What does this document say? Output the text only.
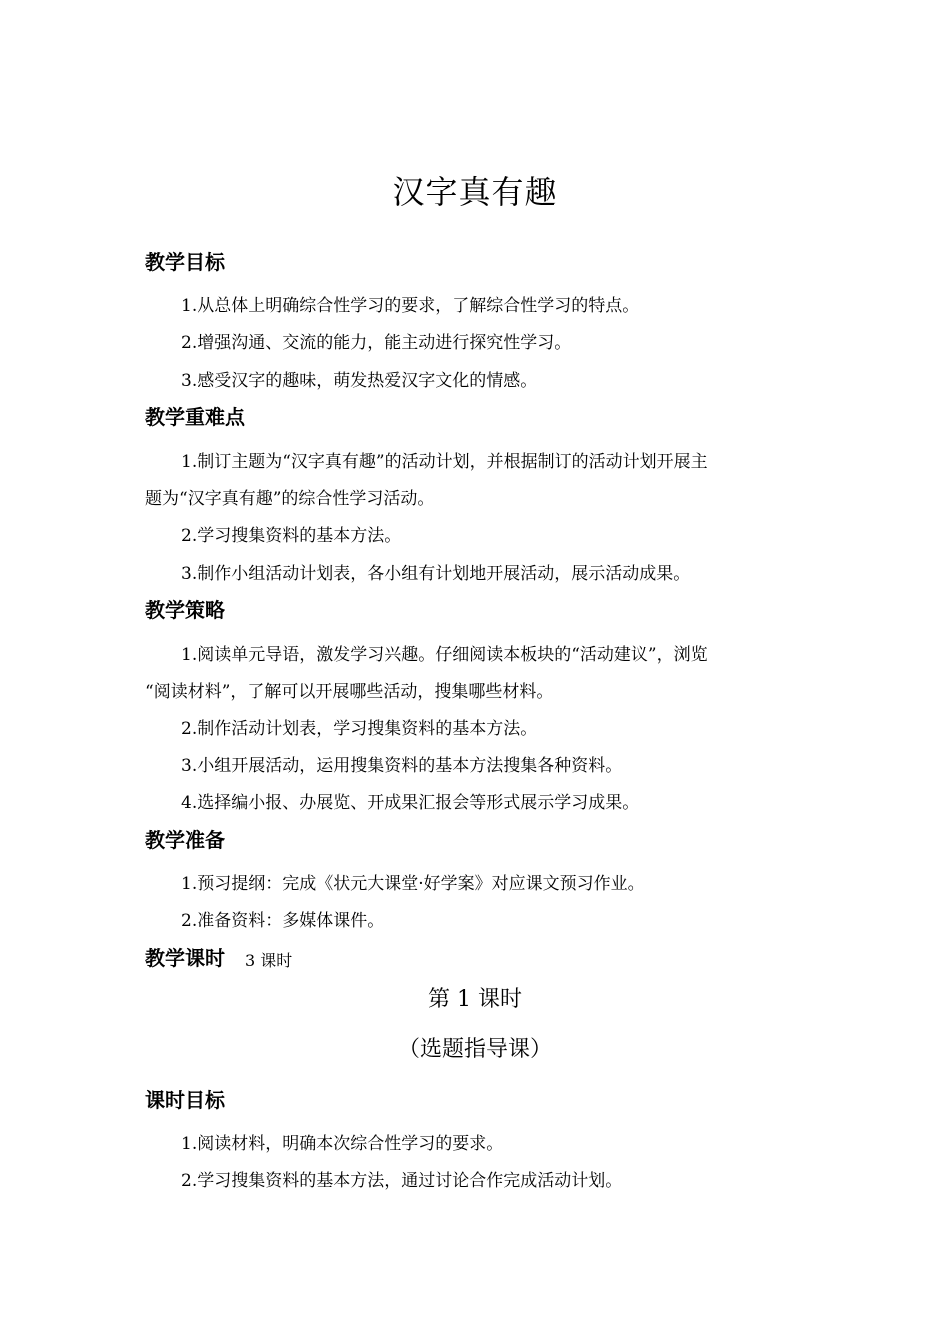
汉字真有趣
教学目标
1.从总体上明确综合性学习的要求，了解综合性学习的特点。
2.增强沟通、交流的能力，能主动进行探究性学习。
3.感受汉字的趣味，萌发热爱汉字文化的情感。
教学重难点
1.制订主题为“汉字真有趣”的活动计划，并根据制订的活动计划开展主
题为“汉字真有趣”的综合性学习活动。
2.学习搜集资料的基本方法。
3.制作小组活动计划表，各小组有计划地开展活动，展示活动成果。
教学策略
1.阅读单元导语，激发学习兴趣。仔细阅读本板块的“活动建议”，浏览
“阅读材料”，了解可以开展哪些活动，搜集哪些材料。
2.制作活动计划表，学习搜集资料的基本方法。
3.小组开展活动，运用搜集资料的基本方法搜集各种资料。
4.选择编小报、办展览、开成果汇报会等形式展示学习成果。
教学准备
1.预习提纲：完成《状元大课堂·好学案》对应课文预习作业。
2.准备资料：多媒体课件。
教学课时 3 课时
第 1 课时
（选题指导课）
课时目标
1.阅读材料，明确本次综合性学习的要求。
2.学习搜集资料的基本方法，通过讨论合作完成活动计划。
